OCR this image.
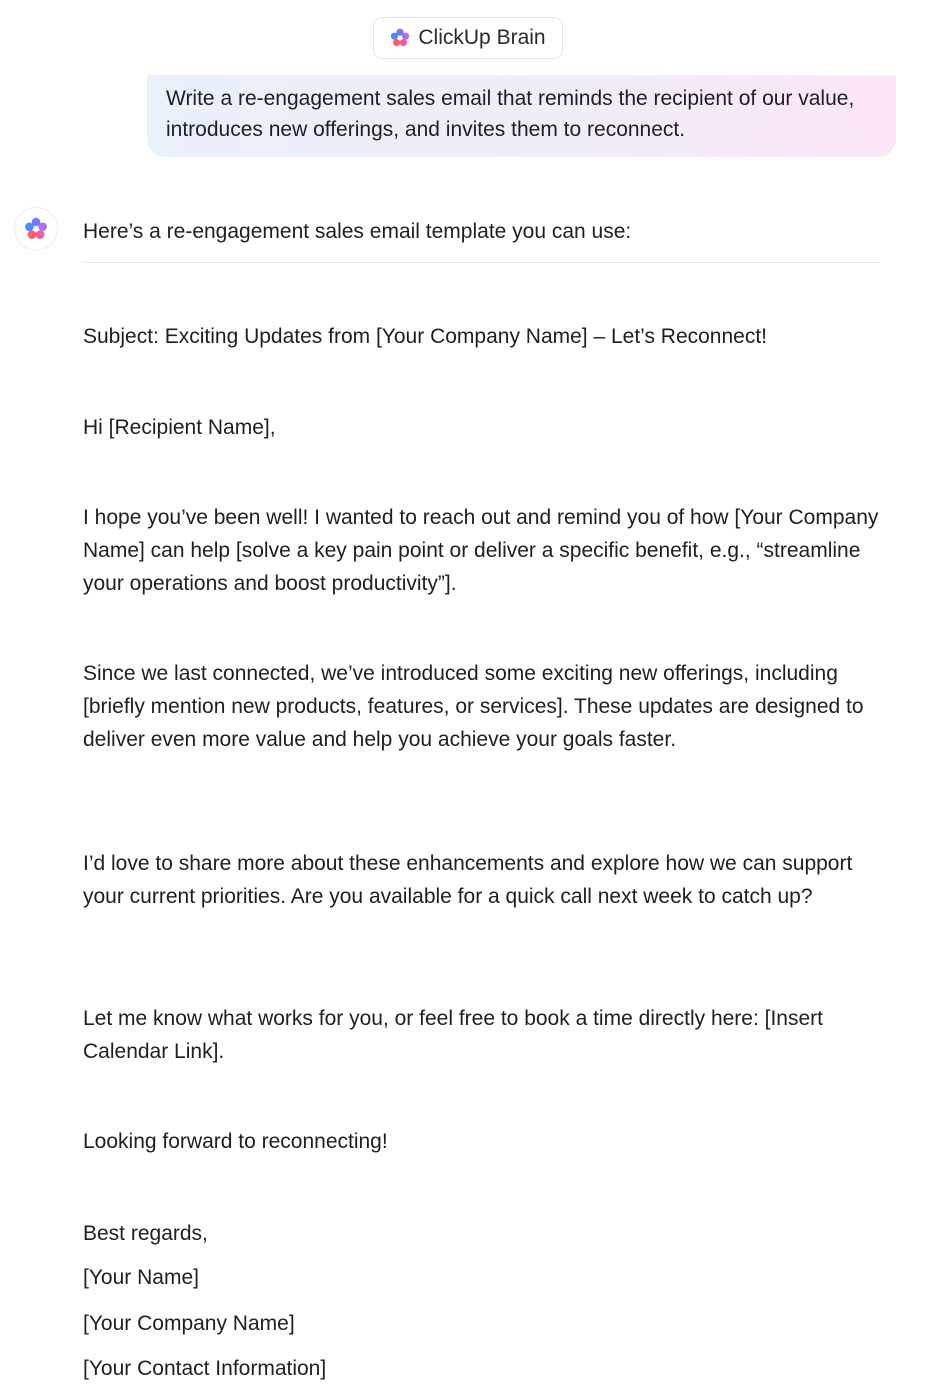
ClickUp Brain
Write a re-engagement sales email that reminds the recipient of our value, introduces new offerings, and invites them to reconnect.
Here’s a re-engagement sales email template you can use:

Subject: Exciting Updates from [Your Company Name] – Let’s Reconnect!

Hi [Recipient Name],

I hope you’ve been well! I wanted to reach out and remind you of how [Your Company Name] can help [solve a key pain point or deliver a specific benefit, e.g., “streamline your operations and boost productivity”].

Since we last connected, we’ve introduced some exciting new offerings, including [briefly mention new products, features, or services]. These updates are designed to deliver even more value and help you achieve your goals faster.

I’d love to share more about these enhancements and explore how we can support your current priorities. Are you available for a quick call next week to catch up?

Let me know what works for you, or feel free to book a time directly here: [Insert Calendar Link].

Looking forward to reconnecting!

Best regards,

[Your Name]

[Your Company Name]

[Your Contact Information]
